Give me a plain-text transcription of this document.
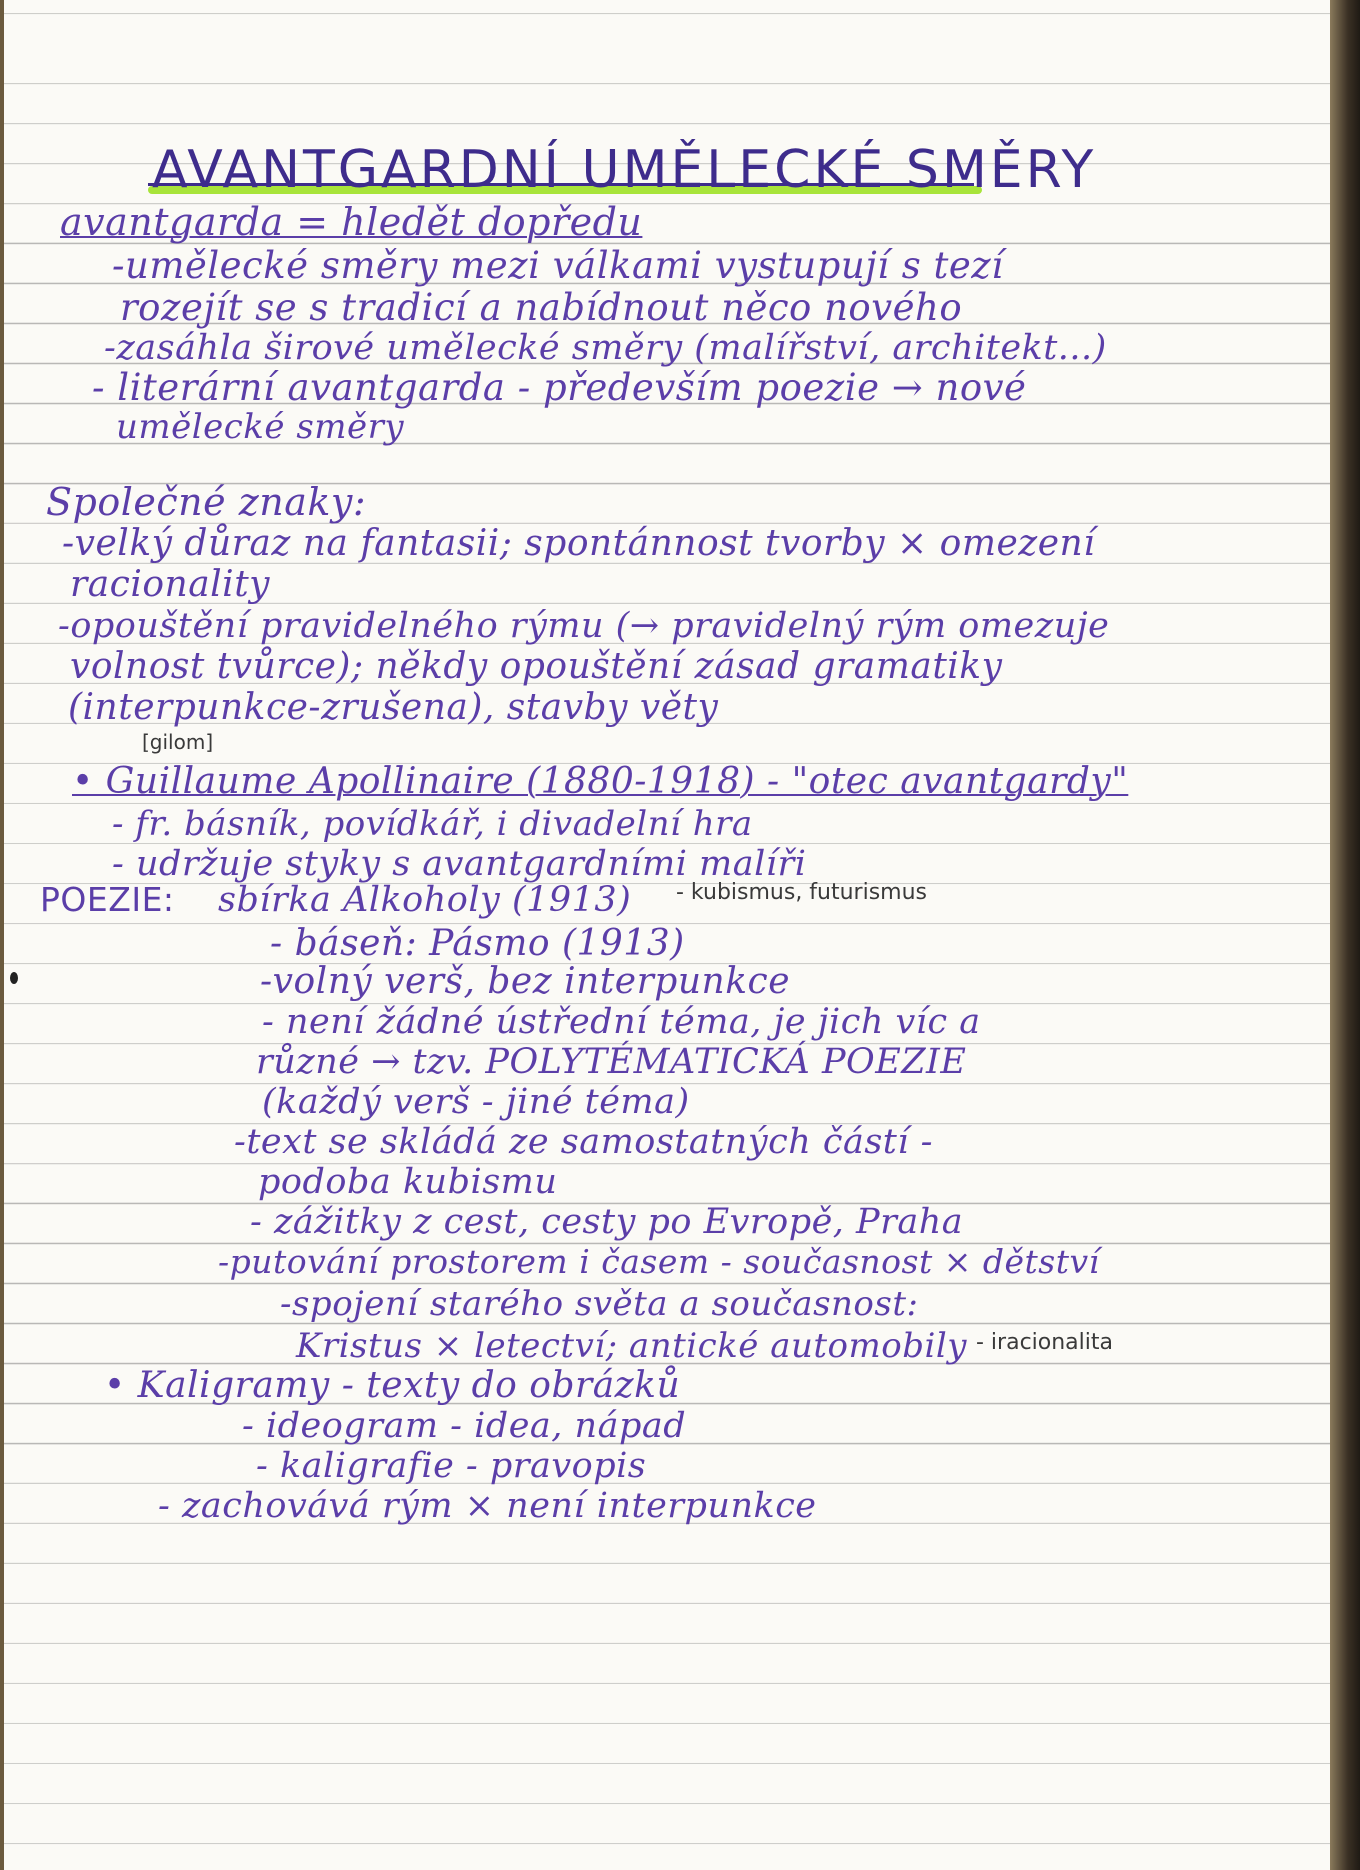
AVANTGARDNÍ UMĚLECKÉ SMĚRY
avantgarda = hledět dopředu
-umělecké směry mezi válkami vystupují s tezí
rozejít se s tradicí a nabídnout něco nového
-zasáhla širové umělecké směry (malířství, architekt...)
- literární avantgarda - především poezie → nové
umělecké směry
Společné znaky:
-velký důraz na fantasii; spontánnost tvorby × omezení
racionality
-opouštění pravidelného rýmu (→ pravidelný rým omezuje
volnost tvůrce); někdy opouštění zásad gramatiky
(interpunkce-zrušena), stavby věty
[gilom]
• Guillaume Apollinaire (1880-1918) - "otec avantgardy"
- fr. básník, povídkář, i divadelní hra
- udržuje styky s avantgardními malíři
POEZIE: sbírka Alkoholy (1913) - kubismus, futurismus
- báseň: Pásmo (1913)
-volný verš, bez interpunkce
- není žádné ústřední téma, je jich víc a
různé → tzv. POLYTÉMATICKÁ POEZIE
(každý verš - jiné téma)
-text se skládá ze samostatných částí -
podoba kubismu
- zážitky z cest, cesty po Evropě, Praha
-putování prostorem i časem - současnost × dětství
-spojení starého světa a současnost:
Kristus × letectví; antické automobily - iracionalita
• Kaligramy - texty do obrázků
- ideogram - idea, nápad
- kaligrafie - pravopis
- zachovává rým × není interpunkce
